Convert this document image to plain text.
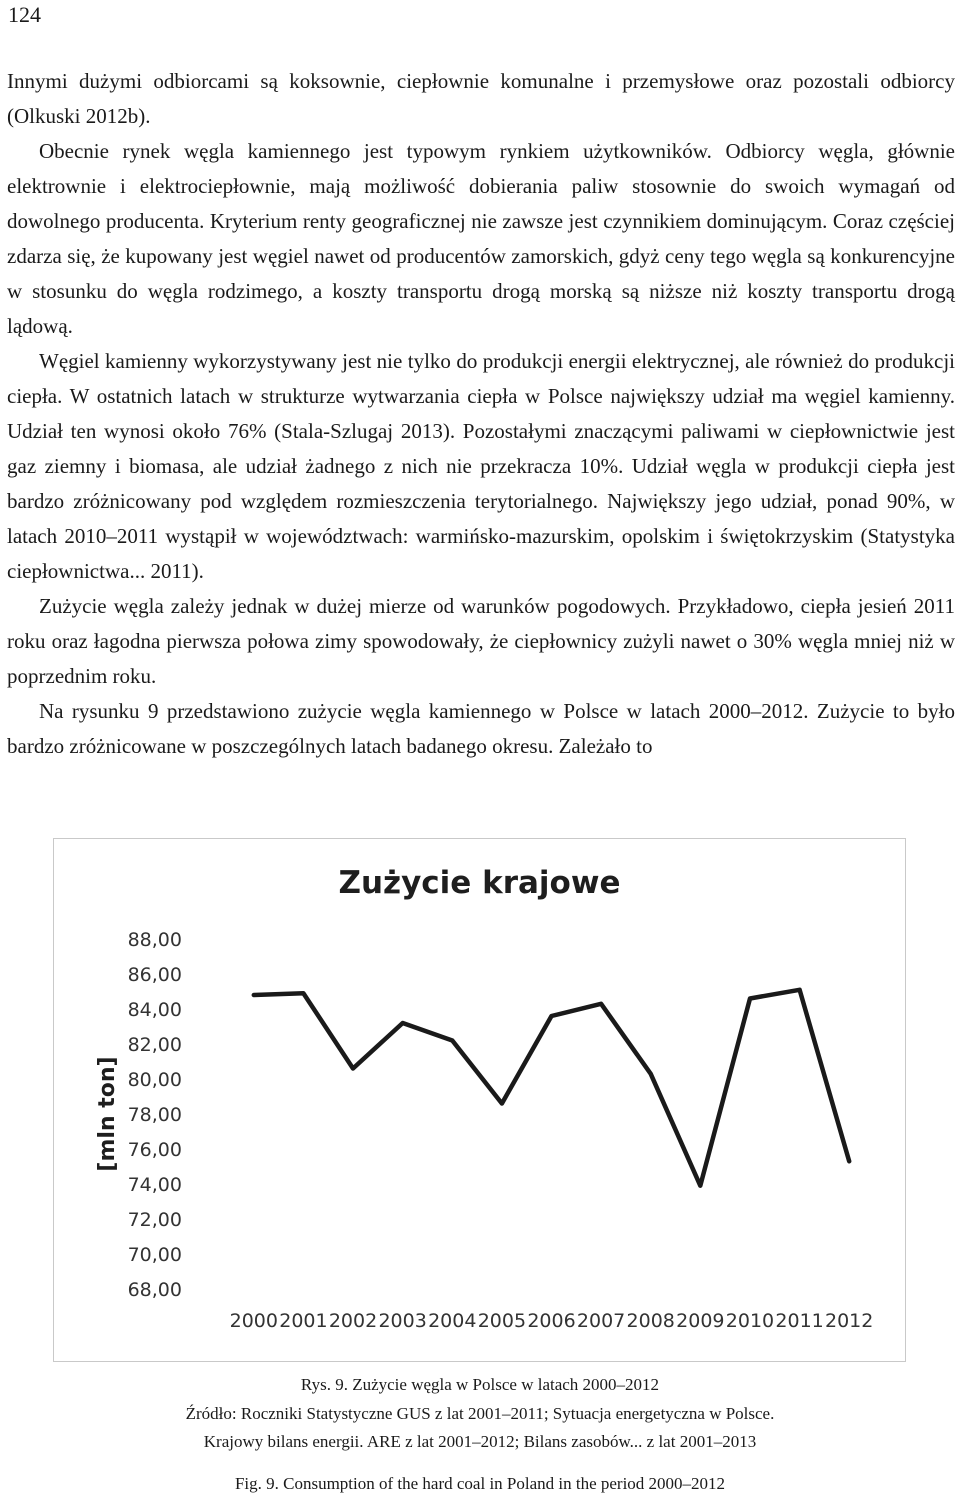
124

Innymi dużymi odbiorcami są koksownie, ciepłownie komunalne i przemysłowe oraz pozostali odbiorcy (Olkuski 2012b).

Obecnie rynek węgla kamiennego jest typowym rynkiem użytkowników. Odbiorcy węgla, głównie elektrownie i elektrociepłownie, mają możliwość dobierania paliw stosownie do swoich wymagań od dowolnego producenta. Kryterium renty geograficznej nie zawsze jest czynnikiem dominującym. Coraz częściej zdarza się, że kupowany jest węgiel nawet od producentów zamorskich, gdyż ceny tego węgla są konkurencyjne w stosunku do węgla rodzimego, a koszty transportu drogą morską są niższe niż koszty transportu drogą lądową.

Węgiel kamienny wykorzystywany jest nie tylko do produkcji energii elektrycznej, ale również do produkcji ciepła. W ostatnich latach w strukturze wytwarzania ciepła w Polsce największy udział ma węgiel kamienny. Udział ten wynosi około 76% (Stala-Szlugaj 2013). Pozostałymi znaczącymi paliwami w ciepłownictwie jest gaz ziemny i biomasa, ale udział żadnego z nich nie przekracza 10%. Udział węgla w produkcji ciepła jest bardzo zróżnicowany pod względem rozmieszczenia terytorialnego. Największy jego udział, ponad 90%, w latach 2010–2011 wystąpił w województwach: warmińsko-mazurskim, opolskim i świętokrzyskim (Statystyka ciepłownictwa... 2011).

Zużycie węgla zależy jednak w dużej mierze od warunków pogodowych. Przykładowo, ciepła jesień 2011 roku oraz łagodna pierwsza połowa zimy spowodowały, że ciepłownicy zużyli nawet o 30% węgla mniej niż w poprzednim roku.

Na rysunku 9 przedstawiono zużycie węgla kamiennego w Polsce w latach 2000–2012. Zużycie to było bardzo zróżnicowane w poszczególnych latach badanego okresu. Zależało to

Zużycie krajowe
68,00
70,00
72,00
74,00
76,00
78,00
80,00
82,00
84,00
86,00
88,00
2000 2001 2002 2003 2004 2005 2006 2007 2008 2009 2010 2011 2012
[mln ton]
Rys. 9. Zużycie węgla w Polsce w latach 2000–2012
Źródło: Roczniki Statystyczne GUS z lat 2001–2011; Sytuacja energetyczna w Polsce.
Krajowy bilans energii. ARE z lat 2001–2012; Bilans zasobów... z lat 2001–2013
Fig. 9. Consumption of the hard coal in Poland in the period 2000–2012
